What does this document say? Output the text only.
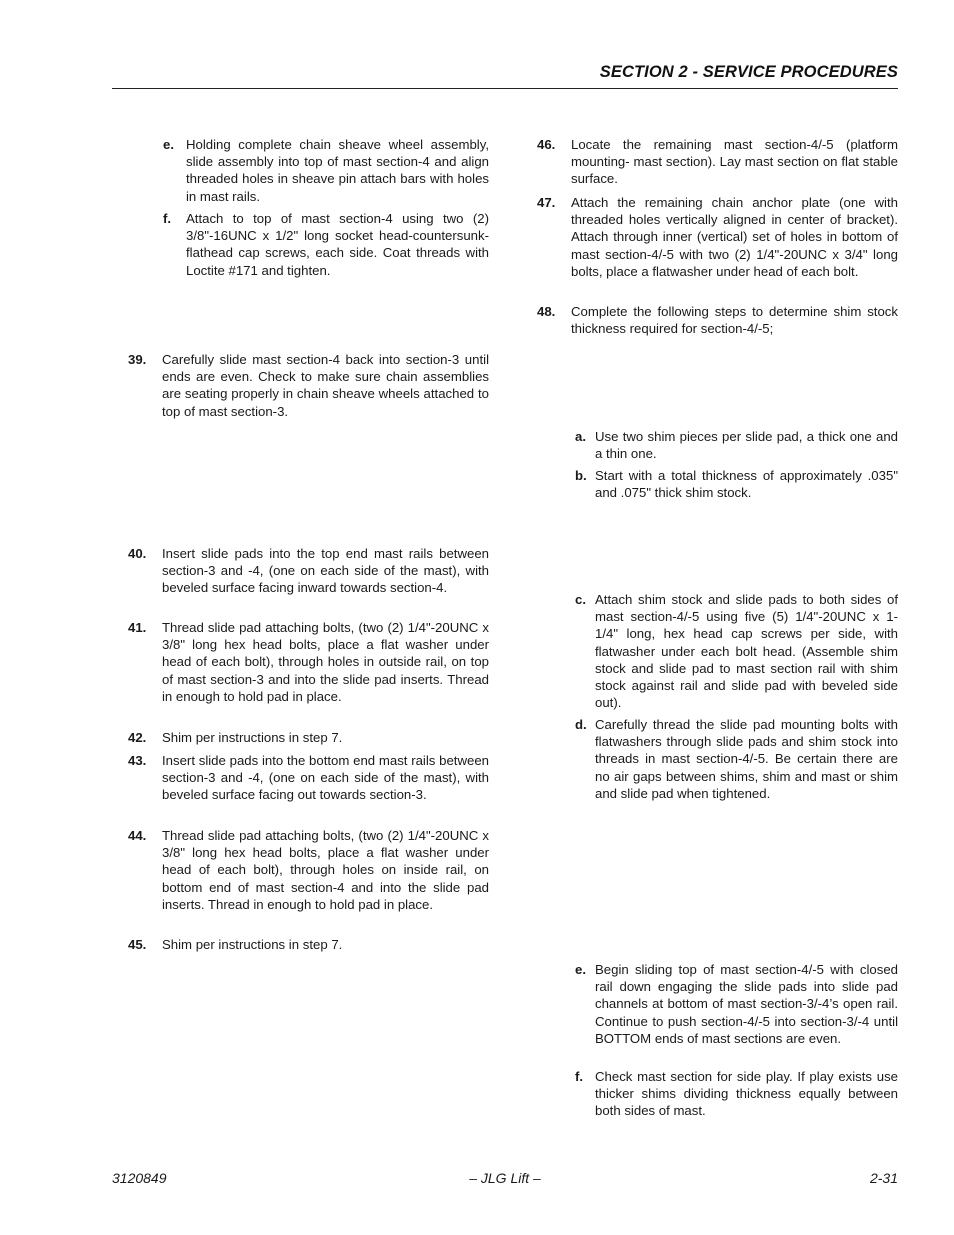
SECTION 2 - SERVICE PROCEDURES
e. Holding complete chain sheave wheel assembly, slide assembly into top of mast section-4 and align threaded holes in sheave pin attach bars with holes in mast rails.
f. Attach to top of mast section-4 using two (2) 3/8"-16UNC x 1/2" long socket head-countersunk-flathead cap screws, each side. Coat threads with Loctite #171 and tighten.
39. Carefully slide mast section-4 back into section-3 until ends are even. Check to make sure chain assemblies are seating properly in chain sheave wheels attached to top of mast section-3.
40. Insert slide pads into the top end mast rails between section-3 and -4, (one on each side of the mast), with beveled surface facing inward towards section-4.
41. Thread slide pad attaching bolts, (two (2) 1/4"-20UNC x 3/8" long hex head bolts, place a flat washer under head of each bolt), through holes in outside rail, on top of mast section-3 and into the slide pad inserts. Thread in enough to hold pad in place.
42. Shim per instructions in step 7.
43. Insert slide pads into the bottom end mast rails between section-3 and -4, (one on each side of the mast), with beveled surface facing out towards section-3.
44. Thread slide pad attaching bolts, (two (2) 1/4"-20UNC x 3/8" long hex head bolts, place a flat washer under head of each bolt), through holes on inside rail, on bottom end of mast section-4 and into the slide pad inserts. Thread in enough to hold pad in place.
45. Shim per instructions in step 7.
46. Locate the remaining mast section-4/-5 (platform mounting- mast section). Lay mast section on flat stable surface.
47. Attach the remaining chain anchor plate (one with threaded holes vertically aligned in center of bracket). Attach through inner (vertical) set of holes in bottom of mast section-4/-5 with two (2) 1/4"-20UNC x 3/4" long bolts, place a flatwasher under head of each bolt.
48. Complete the following steps to determine shim stock thickness required for section-4/-5;
a. Use two shim pieces per slide pad, a thick one and a thin one.
b. Start with a total thickness of approximately .035" and .075" thick shim stock.
c. Attach shim stock and slide pads to both sides of mast section-4/-5 using five (5) 1/4"-20UNC x 1-1/4" long, hex head cap screws per side, with flatwasher under each bolt head. (Assemble shim stock and slide pad to mast section rail with shim stock against rail and slide pad with beveled side out).
d. Carefully thread the slide pad mounting bolts with flatwashers through slide pads and shim stock into threads in mast section-4/-5. Be certain there are no air gaps between shims, shim and mast or shim and slide pad when tightened.
e. Begin sliding top of mast section-4/-5 with closed rail down engaging the slide pads into slide pad channels at bottom of mast section-3/-4’s open rail. Continue to push section-4/-5 into section-3/-4 until BOTTOM ends of mast sections are even.
f. Check mast section for side play. If play exists use thicker shims dividing thickness equally between both sides of mast.
3120849	– JLG Lift –	2-31
